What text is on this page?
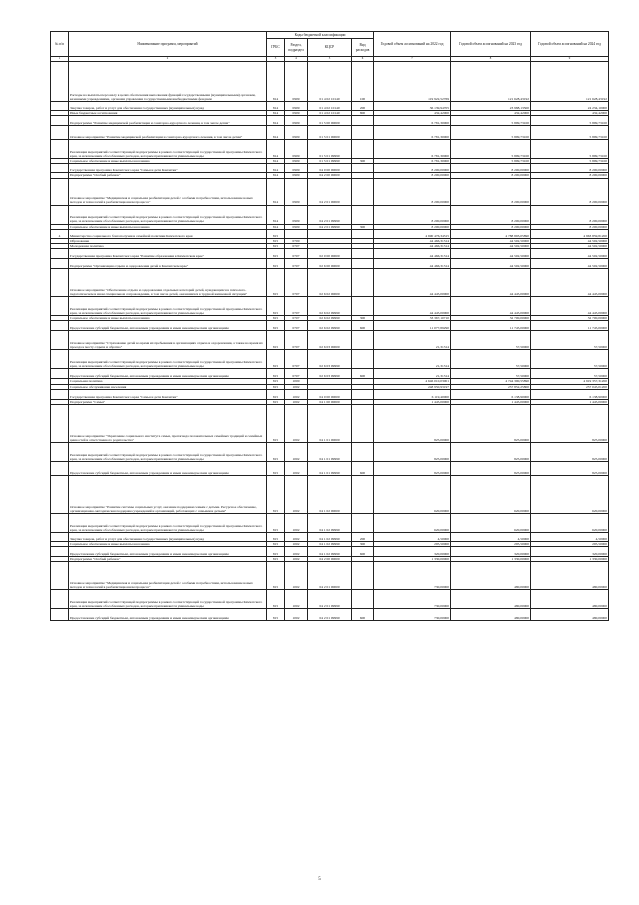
№ п/п	Наименование программ, мероприятий	Коды бюджетной классификации				Годовой объем ассигнований на 2022 год	Годовой объем ассигнований на 2023 год	Годовой объем ассигнований на 2024 год
		ГРБС	Раздел, подраздел	КЦСР	Вид расходов			
1	2	3	4	5	6	7	8	9
	Расходы на выплаты персоналу в целях обеспечения выполнения функций государственными (муниципальными) органами, казенными учреждениями, органами управления государственными внебюджетными фондами	814	0909	01 4 02 10140	100	119 922,52769	121 628,43192	121 628,43192
	Закупка товаров, работ и услуг для обеспечения государственных (муниципальных) нужд	814	0909	01 4 02 10140	200	36 139,94705	23 988,13500	24 234,10000
	Иные бюджетные ассигнования	814	0909	01 4 02 10140	800	432,42000	432,42000	432,42000
	Подпрограмма "Развитие медицинской реабилитации и санаторно-курортного лечения, в том числе детям"	814	0909	01 5 00 00000		6 781,30000	5 899,73100	5 899,73100
	Основное мероприятие "Развитие медицинской реабилитации и санаторно-курортного лечения, в том числе детям"	814	0909	01 5 01 00000		6 781,30000	5 899,73100	5 899,73100
	Реализация мероприятий соответствующей подпрограммы в рамках соответствующей государственной программы Камчатского края, за исключением обособленных расходов, которым присваиваются уникальные коды	814	0909	01 5 01 09990		6 781,30000	5 899,73100	5 899,73100
	Социальное обеспечение и иные выплаты населению	814	0909	01 5 01 09990	300	6 781,30000	5 899,73100	5 899,73100
	Государственная программа Камчатского края "Семья и дети Камчатки"	814	0909	04 0 00 00000		8 200,00000	8 200,00000	8 200,00000
	Подпрограмма "Особый ребенок"	814	0909	04 2 00 00000		8 200,00000	8 200,00000	8 200,00000
	Основное мероприятие "Медицинская и социальная реабилитация детей с особыми потребностями, использование новых методов и технологий в реабилитационном процессе"	814	0909	04 2 01 00000		8 200,00000	8 200,00000	8 200,00000
	Реализация мероприятий соответствующей подпрограммы в рамках соответствующей государственной программы Камчатского края, за исключением обособленных расходов, которым присваиваются уникальные коды	814	0909	04 2 01 09990		8 200,00000	8 200,00000	8 200,00000
	Социальное обеспечение и иные выплаты населению	814	0909	04 2 01 09990	300	8 200,00000	8 200,00000	8 200,00000
4	Министерство социального благополучия и семейной политики Камчатского края	815				4 690 476,34315	4 788 893,05890	4 963 859,81200
	Образование	815	0700			44 466,31314	44 502,50000	44 502,50000
	Молодежная политика	815	0707			44 466,31314	44 502,50000	44 502,50000
	Государственная программа Камчатского края "Развитие образования в Камчатском крае"	815	0707	02 0 00 00000		44 466,31314	44 502,50000	44 502,50000
	Подпрограмма "Организация отдыха и оздоровления детей в Камчатском крае"	815	0707	02 6 00 00000		44 466,31314	44 502,50000	44 502,50000
	Основное мероприятие "Обеспечение отдыха и оздоровления отдельных категорий детей, нуждающихся в психолого-педагогическом и ином специальном сопровождении, в том числе детей, оказавшихся в трудной жизненной ситуации"	815	0707	02 6 02 00000		44 445,00000	44 445,00000	44 445,00000
	Реализация мероприятий соответствующей подпрограммы в рамках соответствующей государственной программы Камчатского края, за исключением обособленных расходов, которым присваиваются уникальные коды	815	0707	02 6 02 09990		44 445,00000	44 445,00000	44 445,00000
	Социальное обеспечение и иные выплаты населению	815	0707	02 6 02 09990	300	33 367,10710	32 700,00000	32 700,00000
	Предоставление субсидий бюджетным, автономным учреждениям и иным некоммерческим организациям	815	0707	02 6 02 09990	600	11 077,89290	11 745,00000	11 745,00000
	Основное мероприятие "Страхование детей во время их пребывания в организациях отдыха и оздоровления, а также во время их проезда к месту отдыха и обратно"	815	0707	02 6 03 00000		21,31314	57,50000	57,50000
	Реализация мероприятий соответствующей подпрограммы в рамках соответствующей государственной программы Камчатского края, за исключением обособленных расходов, которым присваиваются уникальные коды	815	0707	02 6 03 09990		21,31314	57,50000	57,50000
	Предоставление субсидий бюджетным, автономным учреждениям и иным некоммерческим организациям	815	0707	02 6 03 09990	600	21,31314	57,50000	57,50000
	Социальная политика	815	1000			4 646 010,03001	4 744 390,55890	4 919 357,31200
	Социальное обслуживание населения	815	1002			248 950,93197	257 852,25800	257 045,01200
	Государственная программа Камчатского края "Семья и дети Камчатки"	815	1002	04 0 00 00000		6 119,40000	6 138,90000	6 138,90000
	Подпрограмма "Семья"	815	1002	04 1 00 00000		1 445,00000	1 445,00000	1 445,00000
	Основное мероприятие "Укрепление социального института семьи, пропаганда положительных семейных традиций и семейных ценностей и ответственного родительства"	815	1002	04 1 01 00000		825,00000	825,00000	825,00000
	Реализация мероприятий соответствующей подпрограммы в рамках соответствующей государственной программы Камчатского края, за исключением обособленных расходов, которым присваиваются уникальные коды	815	1002	04 1 01 09990		825,00000	825,00000	825,00000
	Предоставление субсидий бюджетным, автономным учреждениям и иным некоммерческим организациям	815	1002	04 1 01 09990	600	825,00000	825,00000	825,00000
	Основное мероприятие "Развитие системы социальных услуг, оказание поддержки семьям с детьми. Ресурсное обеспечение, организационно-методическая поддержка учреждений и организаций, работающих с семьями и детьми"	815	1002	04 1 02 00000		620,00000	620,00000	620,00000
	Реализация мероприятий соответствующей подпрограммы в рамках соответствующей государственной программы Камчатского края, за исключением обособленных расходов, которым присваиваются уникальные коды	815	1002	04 1 02 09990		620,00000	620,00000	620,00000
	Закупка товаров, работ и услуг для обеспечения государственных (муниципальных) нужд	815	1002	04 1 02 09990	200	4,50000	4,50000	4,50000
	Социальное обеспечение и иные выплаты населению	815	1002	04 1 02 09990	300	295,50000	295,50000	295,50000
	Предоставление субсидий бюджетным, автономным учреждениям и иным некоммерческим организациям	815	1002	04 1 02 09990	600	320,00000	320,00000	320,00000
	Подпрограмма "Особый ребенок"	815	1002	04 2 00 00000		1 330,00000	1 330,00000	1 330,00000
	Основное мероприятие "Медицинская и социальная реабилитация детей с особыми потребностями, использование новых методов и технологий в реабилитационном процессе"	815	1002	04 2 01 00000		730,00000	480,00000	480,00000
	Реализация мероприятий соответствующей подпрограммы в рамках соответствующей государственной программы Камчатского края, за исключением обособленных расходов, которым присваиваются уникальные коды	815	1002	04 2 01 09990		730,00000	480,00000	480,00000
	Предоставление субсидий бюджетным, автономным учреждениям и иным некоммерческим организациям	815	1002	04 2 01 09990	600	730,00000	480,00000	480,00000
5
